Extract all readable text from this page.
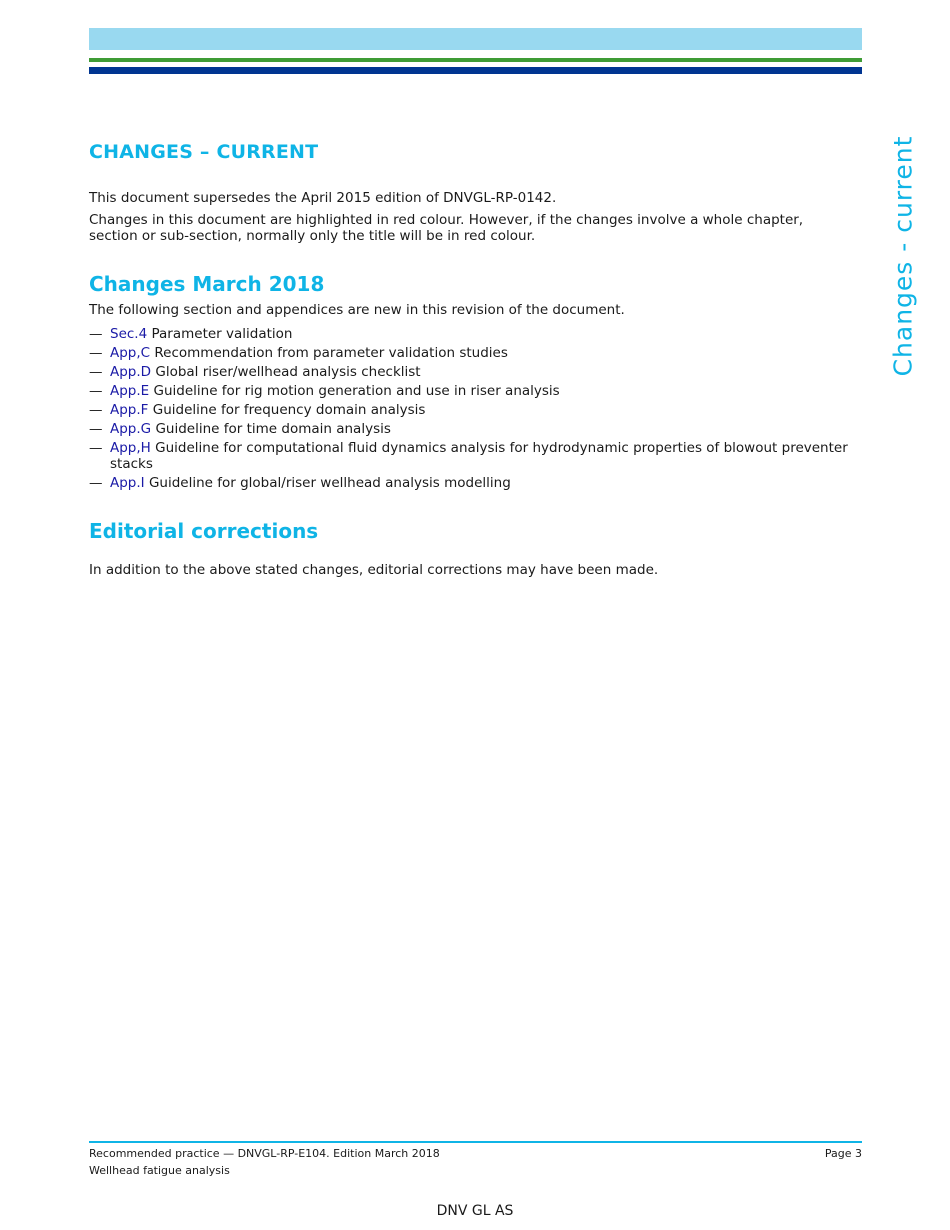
CHANGES – CURRENT
This document supersedes the April 2015 edition of DNVGL-RP-0142.
Changes in this document are highlighted in red colour. However, if the changes involve a whole chapter, section or sub-section, normally only the title will be in red colour.
Changes March 2018
The following section and appendices are new in this revision of the document.
— Sec.4 Parameter validation
— App,C Recommendation from parameter validation studies
— App.D Global riser/wellhead analysis checklist
— App.E Guideline for rig motion generation and use in riser analysis
— App.F Guideline for frequency domain analysis
— App.G Guideline for time domain analysis
— App,H Guideline for computational fluid dynamics analysis for hydrodynamic properties of blowout preventer stacks
— App.I Guideline for global/riser wellhead analysis modelling
Editorial corrections
In addition to the above stated changes, editorial corrections may have been made.
Changes - current
Recommended practice — DNVGL-RP-E104. Edition March 2018
Wellhead fatigue analysis
Page 3
DNV GL AS
